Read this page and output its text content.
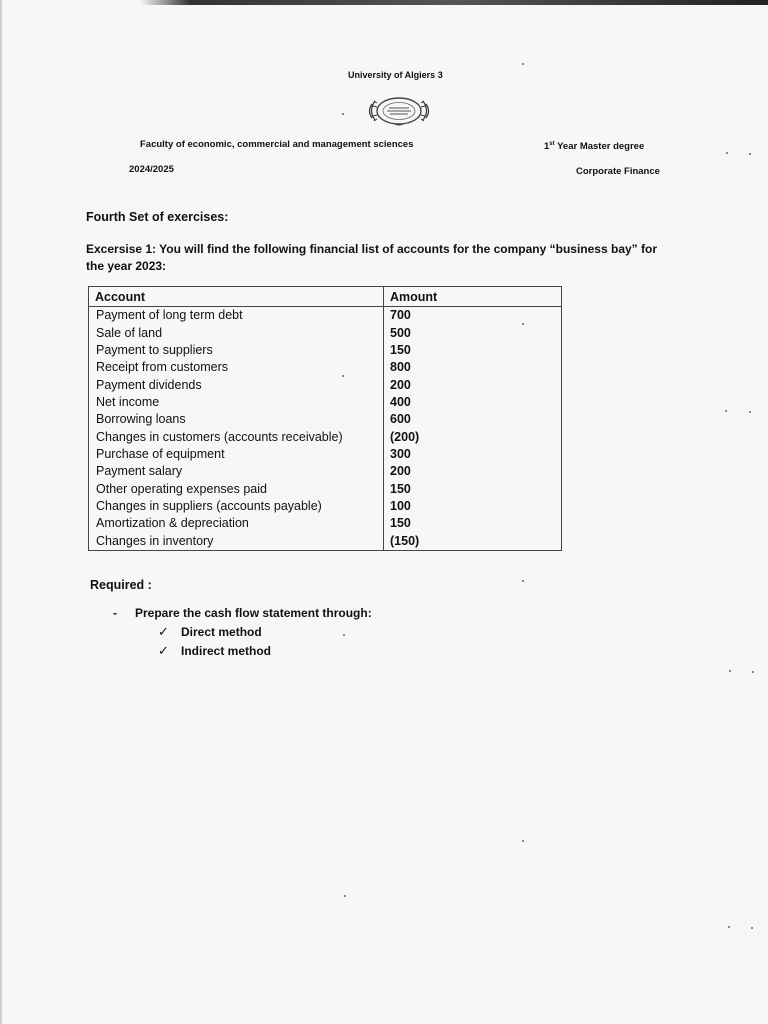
University of Algiers 3
Faculty of economic, commercial and management sciences	1st Year Master degree
2024/2025	Corporate Finance
Fourth Set of exercises:
Excersise 1: You will find the following financial list of accounts for the company “business bay” for the year 2023:
Account	Amount
Payment of long term debt	700
Sale of land	500
Payment to suppliers	150
Receipt from customers	800
Payment dividends	200
Net income	400
Borrowing loans	600
Changes in customers (accounts receivable)	(200)
Purchase of equipment	300
Payment salary	200
Other operating expenses paid	150
Changes in suppliers (accounts payable)	100
Amortization & depreciation	150
Changes in inventory	(150)
Required :
- Prepare the cash flow statement through:
✓ Direct method
✓ Indirect method
